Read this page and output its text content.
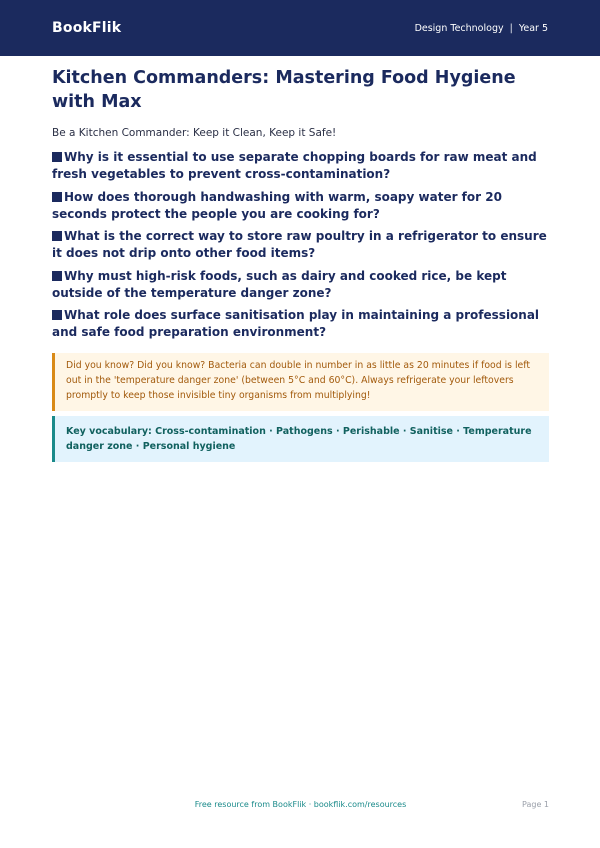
BookFlik	Design Technology | Year 5
Kitchen Commanders: Mastering Food Hygiene with Max

Be a Kitchen Commander: Keep it Clean, Keep it Safe!

Why is it essential to use separate chopping boards for raw meat and fresh vegetables to prevent cross-contamination?
How does thorough handwashing with warm, soapy water for 20 seconds protect the people you are cooking for?
What is the correct way to store raw poultry in a refrigerator to ensure it does not drip onto other food items?
Why must high-risk foods, such as dairy and cooked rice, be kept outside of the temperature danger zone?
What role does surface sanitisation play in maintaining a professional and safe food preparation environment?
Did you know? Did you know? Bacteria can double in number in as little as 20 minutes if food is left out in the 'temperature danger zone' (between 5°C and 60°C). Always refrigerate your leftovers promptly to keep those invisible tiny organisms from multiplying!
Key vocabulary: Cross-contamination · Pathogens · Perishable · Sanitise · Temperature danger zone · Personal hygiene
Free resource from BookFlik · bookflik.com/resources	Page 1
